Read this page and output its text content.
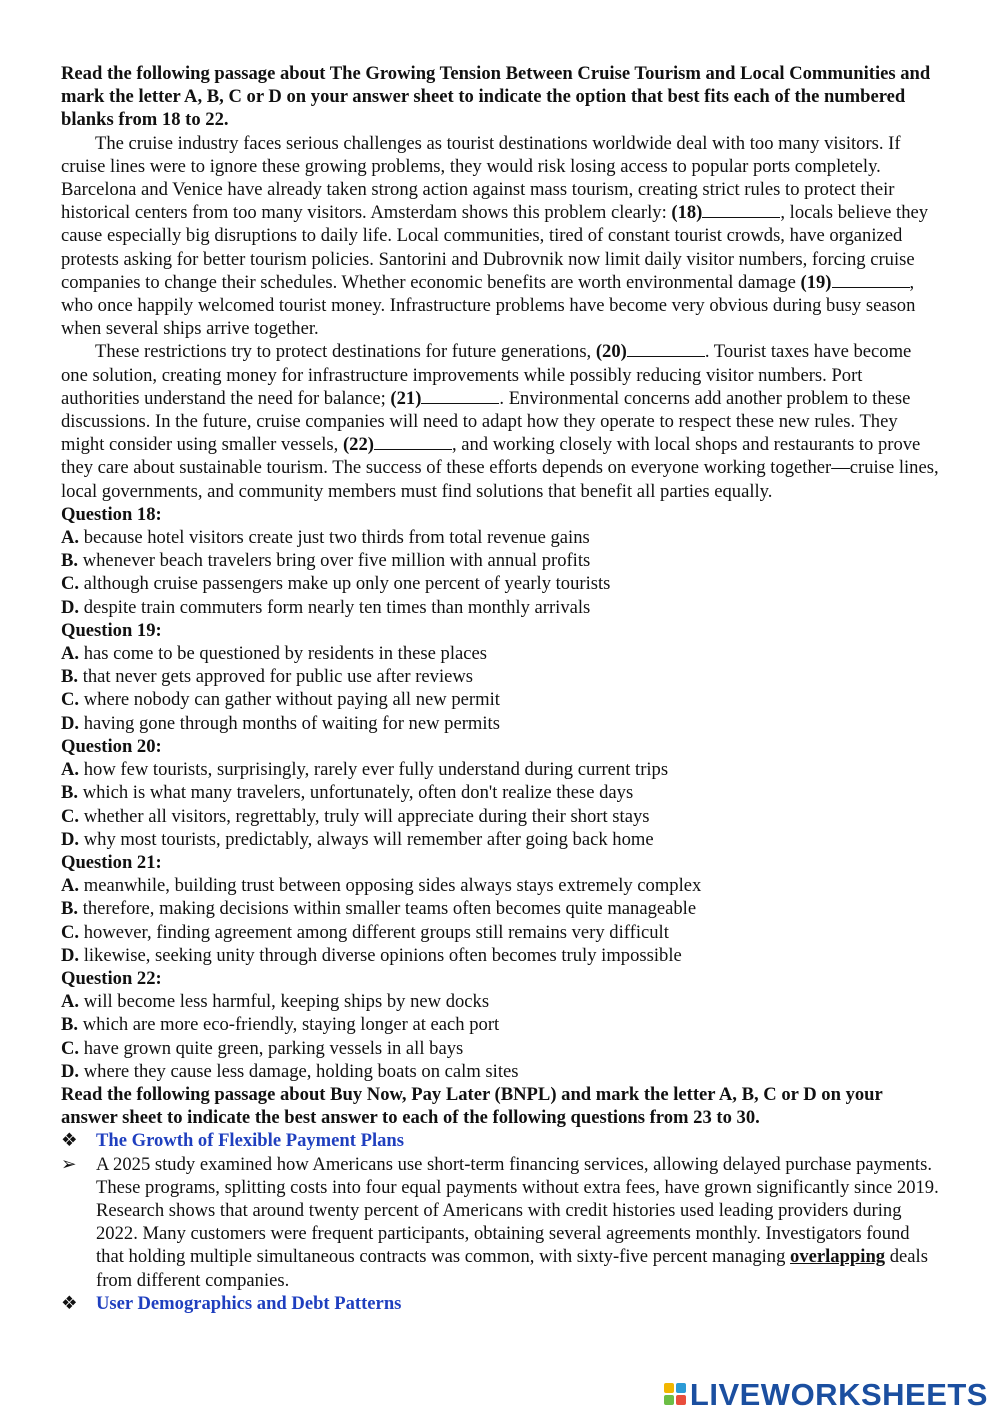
Read the following passage about The Growing Tension Between Cruise Tourism and Local Communities and mark the letter A, B, C or D on your answer sheet to indicate the option that best fits each of the numbered blanks from 18 to 22.

The cruise industry faces serious challenges as tourist destinations worldwide deal with too many visitors. If cruise lines were to ignore these growing problems, they would risk losing access to popular ports completely. Barcelona and Venice have already taken strong action against mass tourism, creating strict rules to protect their historical centers from too many visitors. Amsterdam shows this problem clearly: (18)	, locals believe they cause especially big disruptions to daily life. Local communities, tired of constant tourist crowds, have organized protests asking for better tourism policies. Santorini and Dubrovnik now limit daily visitor numbers, forcing cruise companies to change their schedules. Whether economic benefits are worth environmental damage (19)	, who once happily welcomed tourist money. Infrastructure problems have become very obvious during busy season when several ships arrive together.

These restrictions try to protect destinations for future generations, (20)	. Tourist taxes have become one solution, creating money for infrastructure improvements while possibly reducing visitor numbers. Port authorities understand the need for balance; (21)	. Environmental concerns add another problem to these discussions. In the future, cruise companies will need to adapt how they operate to respect these new rules. They might consider using smaller vessels, (22)	, and working closely with local shops and restaurants to prove they care about sustainable tourism. The success of these efforts depends on everyone working together—cruise lines, local governments, and community members must find solutions that benefit all parties equally.

Question 18:

A. because hotel visitors create just two thirds from total revenue gains

B. whenever beach travelers bring over five million with annual profits

C. although cruise passengers make up only one percent of yearly tourists

D. despite train commuters form nearly ten times than monthly arrivals

Question 19:

A. has come to be questioned by residents in these places

B. that never gets approved for public use after reviews

C. where nobody can gather without paying all new permit

D. having gone through months of waiting for new permits

Question 20:

A. how few tourists, surprisingly, rarely ever fully understand during current trips

B. which is what many travelers, unfortunately, often don't realize these days

C. whether all visitors, regrettably, truly will appreciate during their short stays

D. why most tourists, predictably, always will remember after going back home

Question 21:

A. meanwhile, building trust between opposing sides always stays extremely complex

B. therefore, making decisions within smaller teams often becomes quite manageable

C. however, finding agreement among different groups still remains very difficult

D. likewise, seeking unity through diverse opinions often becomes truly impossible

Question 22:

A. will become less harmful, keeping ships by new docks

B. which are more eco-friendly, staying longer at each port

C. have grown quite green, parking vessels in all bays

D. where they cause less damage, holding boats on calm sites

Read the following passage about Buy Now, Pay Later (BNPL) and mark the letter A, B, C or D on your answer sheet to indicate the best answer to each of the following questions from 23 to 30.

❖ The Growth of Flexible Payment Plans
➢	A 2025 study examined how Americans use short-term financing services, allowing delayed purchase payments. These programs, splitting costs into four equal payments without extra fees, have grown significantly since 2019. Research shows that around twenty percent of Americans with credit histories used leading providers during 2022. Many customers were frequent participants, obtaining several agreements monthly. Investigators found that holding multiple simultaneous contracts was common, with sixty-five percent managing overlapping deals from different companies.
❖ User Demographics and Debt Patterns
LIVEWORKSHEETS
